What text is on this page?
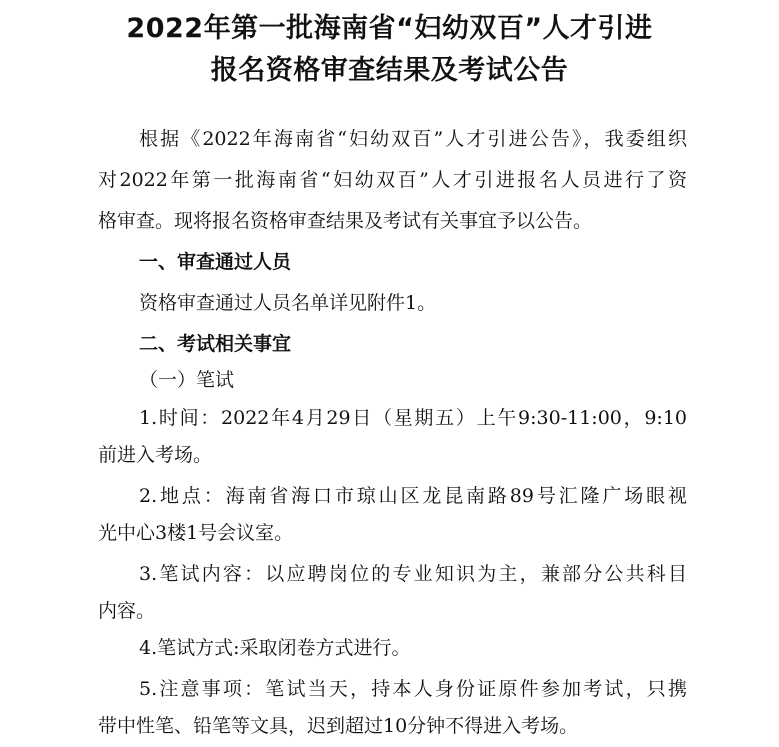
2022年第一批海南省“妇幼双百”人才引进
报名资格审查结果及考试公告

根据《2022年海南省“妇幼双百”人才引进公告》，我委组织

对2022年第一批海南省“妇幼双百”人才引进报名人员进行了资

格审查。现将报名资格审查结果及考试有关事宜予以公告。

一、审查通过人员

资格审查通过人员名单详见附件1。

二、考试相关事宜

（一）笔试

1.时间：2022年4月29日（星期五）上午9:30-11:00，9:10

前进入考场。

2.地点：海南省海口市琼山区龙昆南路89号汇隆广场眼视

光中心3楼1号会议室。

3.笔试内容：以应聘岗位的专业知识为主，兼部分公共科目

内容。

4.笔试方式:采取闭卷方式进行。

5.注意事项：笔试当天，持本人身份证原件参加考试，只携

带中性笔、铅笔等文具，迟到超过10分钟不得进入考场。
